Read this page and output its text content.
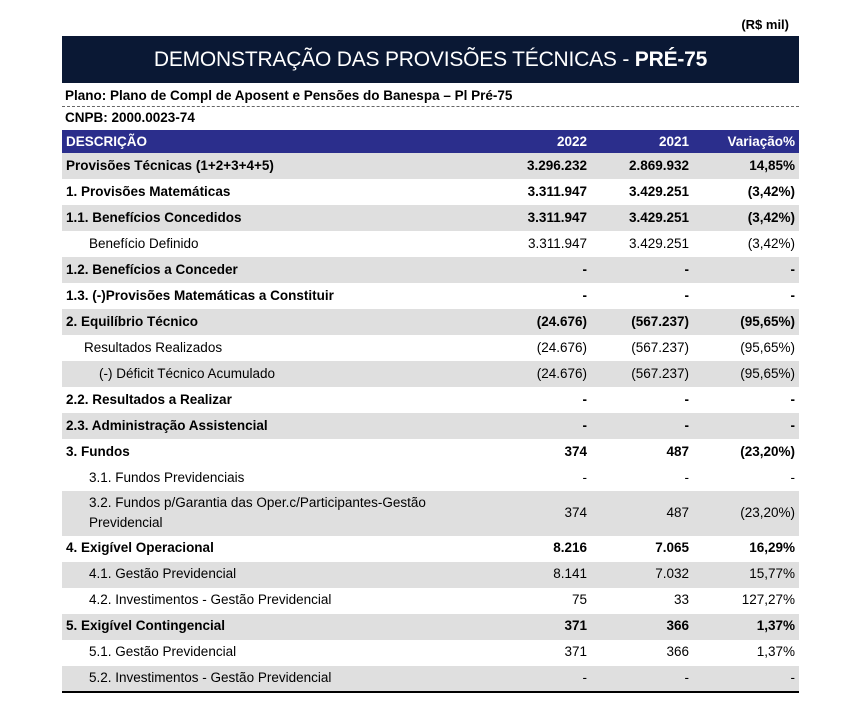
(R$ mil)
DEMONSTRAÇÃO DAS PROVISÕES TÉCNICAS - PRÉ-75
Plano: Plano de Compl de Aposent e Pensões do Banespa – Pl Pré-75
CNPB: 2000.0023-74
DESCRIÇÃO	2022	2021	Variação%
Provisões Técnicas (1+2+3+4+5)	3.296.232	2.869.932	14,85%
1. Provisões Matemáticas	3.311.947	3.429.251	(3,42%)
1.1. Benefícios Concedidos	3.311.947	3.429.251	(3,42%)
Benefício Definido	3.311.947	3.429.251	(3,42%)
1.2. Benefícios a Conceder	-	-	-
1.3. (-)Provisões Matemáticas a Constituir	-	-	-
2. Equilíbrio Técnico	(24.676)	(567.237)	(95,65%)
Resultados Realizados	(24.676)	(567.237)	(95,65%)
(-) Déficit Técnico Acumulado	(24.676)	(567.237)	(95,65%)
2.2. Resultados a Realizar	-	-	-
2.3. Administração Assistencial	-	-	-
3. Fundos	374	487	(23,20%)
3.1. Fundos Previdenciais	-	-	-
3.2. Fundos p/Garantia das Oper.c/Participantes-Gestão Previdencial	374	487	(23,20%)
4. Exigível Operacional	8.216	7.065	16,29%
4.1. Gestão Previdencial	8.141	7.032	15,77%
4.2. Investimentos - Gestão Previdencial	75	33	127,27%
5. Exigível Contingencial	371	366	1,37%
5.1. Gestão Previdencial	371	366	1,37%
5.2. Investimentos - Gestão Previdencial	-	-	-
